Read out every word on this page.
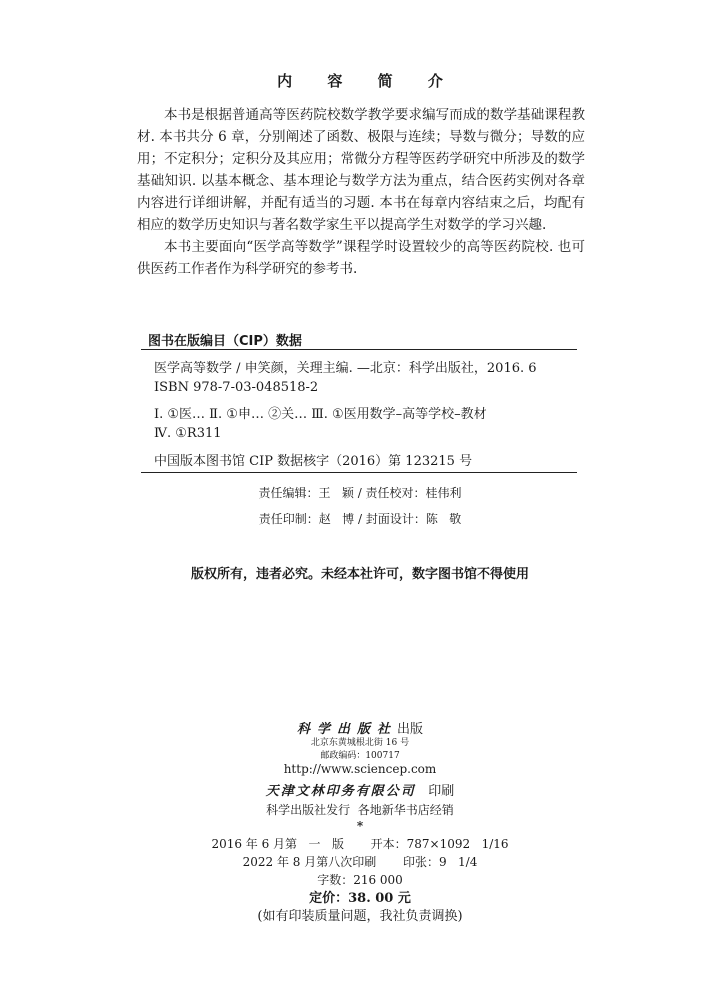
内 容 简 介

本书是根据普通高等医药院校数学教学要求编写而成的数学基础课程教材. 本书共分 6 章，分别阐述了函数、极限与连续；导数与微分；导数的应用；不定积分；定积分及其应用；常微分方程等医药学研究中所涉及的数学基础知识. 以基本概念、基本理论与数学方法为重点，结合医药实例对各章内容进行详细讲解，并配有适当的习题. 本书在每章内容结束之后，均配有相应的数学历史知识与著名数学家生平以提高学生对数学的学习兴趣.

本书主要面向“医学高等数学”课程学时设置较少的高等医药院校. 也可供医药工作者作为科学研究的参考书.

图书在版编目（CIP）数据
医学高等数学 / 申笑颜，关理主编. —北京：科学出版社，2016. 6
ISBN 978-7-03-048518-2
Ⅰ. ①医… Ⅱ. ①申… ②关… Ⅲ. ①医用数学–高等学校–教材
Ⅳ. ①R311
中国版本图书馆 CIP 数据核字（2016）第 123215 号
责任编辑：王   颖 / 责任校对：桂伟利
责任印制：赵   博 / 封面设计：陈   敬
版权所有，违者必究。未经本社许可，数字图书馆不得使用
科学出版社出版
北京东黄城根北街 16 号
邮政编码：100717
http://www.sciencep.com
天津文林印务有限公司 印刷
科学出版社发行  各地新华书店经销
*
2016 年 6 月第   一   版       开本：787×1092   1/16
2022 年 8 月第八次印刷       印张：9   1/4
字数：216 000
定价：38. 00 元
(如有印装质量问题，我社负责调换)
